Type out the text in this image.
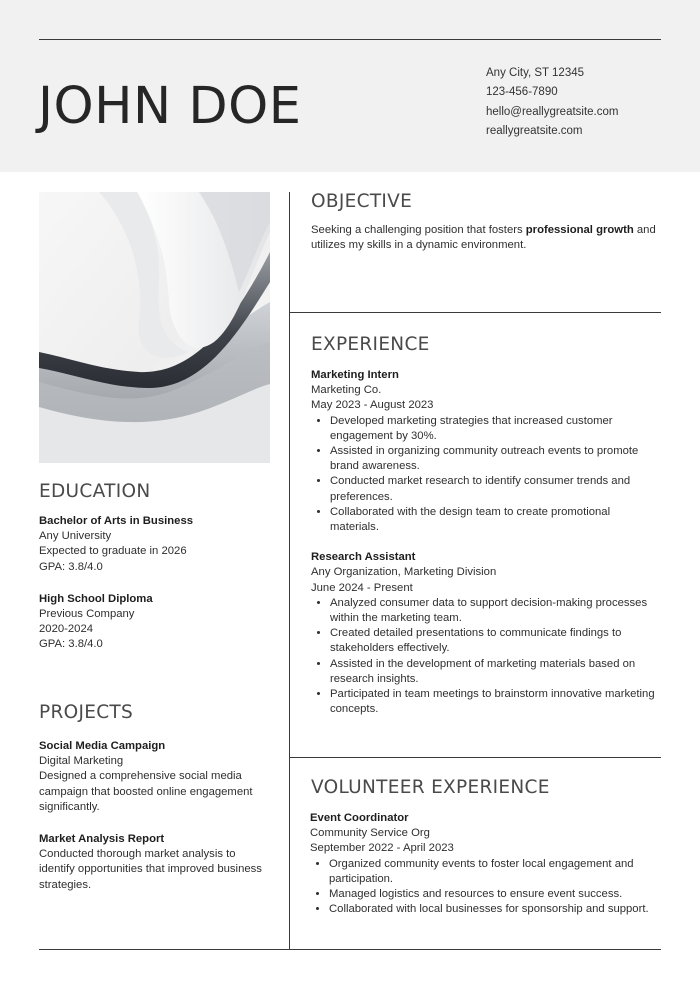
JOHN DOE
Any City, ST 12345
123-456-7890
hello@reallygreatsite.com
reallygreatsite.com
OBJECTIVE
Seeking a challenging position that fosters professional growth and utilizes my skills in a dynamic environment.
EXPERIENCE
Marketing Intern
Marketing Co.
May 2023 - August 2023
• Developed marketing strategies that increased customer engagement by 30%.
• Assisted in organizing community outreach events to promote brand awareness.
• Conducted market research to identify consumer trends and preferences.
• Collaborated with the design team to create promotional materials.
Research Assistant
Any Organization, Marketing Division
June 2024 - Present
• Analyzed consumer data to support decision-making processes within the marketing team.
• Created detailed presentations to communicate findings to stakeholders effectively.
• Assisted in the development of marketing materials based on research insights.
• Participated in team meetings to brainstorm innovative marketing concepts.
VOLUNTEER EXPERIENCE
Event Coordinator
Community Service Org
September 2022 - April 2023
• Organized community events to foster local engagement and participation.
• Managed logistics and resources to ensure event success.
• Collaborated with local businesses for sponsorship and support.
EDUCATION
Bachelor of Arts in Business
Any University
Expected to graduate in 2026
GPA: 3.8/4.0
High School Diploma
Previous Company
2020-2024
GPA: 3.8/4.0
PROJECTS
Social Media Campaign
Digital Marketing
Designed a comprehensive social media campaign that boosted online engagement significantly.
Market Analysis Report
Conducted thorough market analysis to identify opportunities that improved business strategies.
